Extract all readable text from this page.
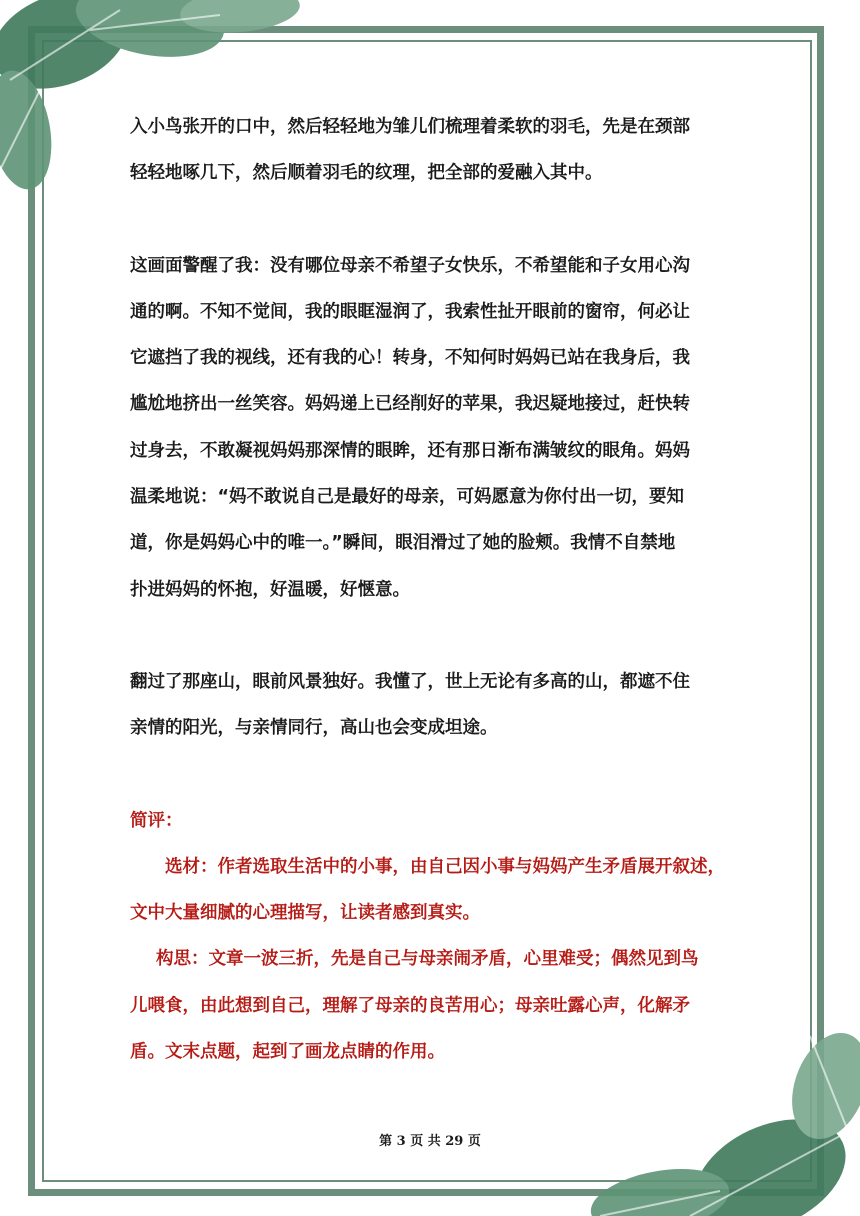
入小鸟张开的口中，然后轻轻地为雏儿们梳理着柔软的羽毛，先是在颈部

轻轻地啄几下，然后顺着羽毛的纹理，把全部的爱融入其中。

这画面警醒了我：没有哪位母亲不希望子女快乐，不希望能和子女用心沟

通的啊。不知不觉间，我的眼眶湿润了，我索性扯开眼前的窗帘，何必让

它遮挡了我的视线，还有我的心！转身，不知何时妈妈已站在我身后，我

尴尬地挤出一丝笑容。妈妈递上已经削好的苹果，我迟疑地接过，赶快转

过身去，不敢凝视妈妈那深情的眼眸，还有那日渐布满皱纹的眼角。妈妈

温柔地说：“妈不敢说自己是最好的母亲，可妈愿意为你付出一切，要知

道，你是妈妈心中的唯一。”瞬间，眼泪滑过了她的脸颊。我情不自禁地

扑进妈妈的怀抱，好温暖，好惬意。

翻过了那座山，眼前风景独好。我懂了，世上无论有多高的山，都遮不住

亲情的阳光，与亲情同行，高山也会变成坦途。

简评：

选材：作者选取生活中的小事，由自己因小事与妈妈产生矛盾展开叙述，

文中大量细腻的心理描写，让读者感到真实。

构思：文章一波三折，先是自己与母亲闹矛盾，心里难受；偶然见到鸟

儿喂食，由此想到自己，理解了母亲的良苦用心；母亲吐露心声，化解矛

盾。文末点题，起到了画龙点睛的作用。

第 3 页 共 29 页
